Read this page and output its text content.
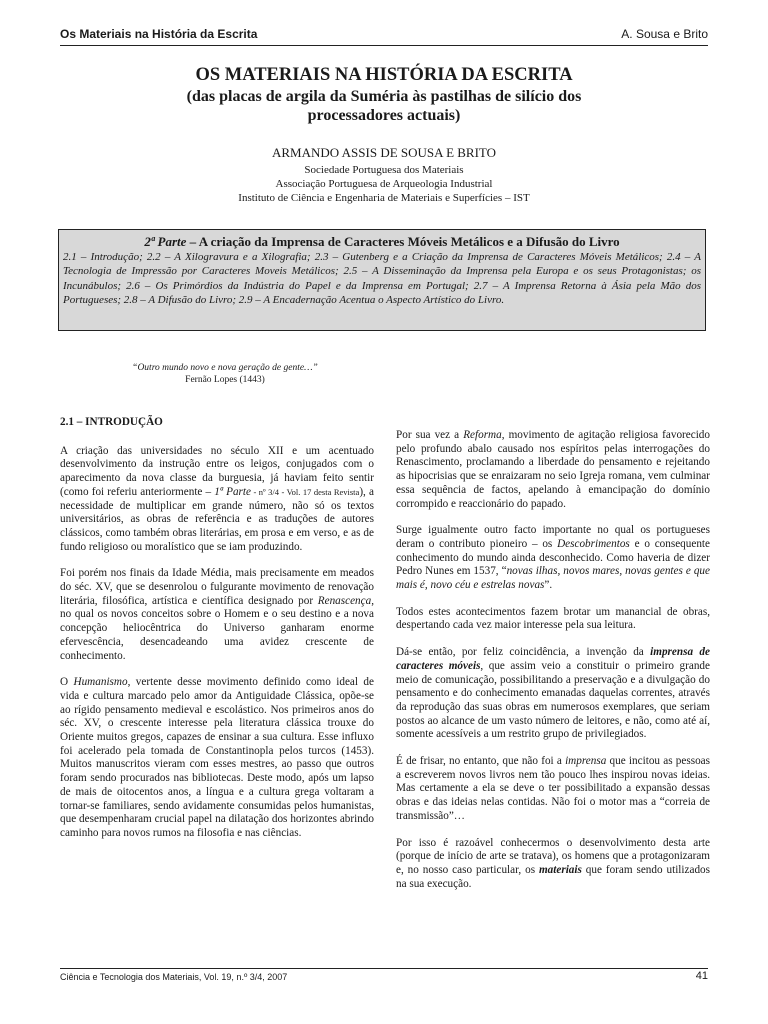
Os Materiais na História da Escrita	A. Sousa e Brito
OS MATERIAIS NA HISTÓRIA DA ESCRITA
(das placas de argila da Suméria às pastilhas de silício dos processadores actuais)
ARMANDO ASSIS DE SOUSA E BRITO
Sociedade Portuguesa dos Materiais
Associação Portuguesa de Arqueologia Industrial
Instituto de Ciência e Engenharia de Materiais e Superfícies – IST
2ª Parte – A criação da Imprensa de Caracteres Móveis Metálicos e a Difusão do Livro
2.1 – Introdução; 2.2 – A Xilogravura e a Xilografia; 2.3 – Gutenberg e a Criação da Imprensa de Caracteres Móveis Metálicos; 2.4 – A Tecnologia de Impressão por Caracteres Moveis Metálicos; 2.5 – A Disseminação da Imprensa pela Europa e os seus Protagonistas; os Incunábulos; 2.6 – Os Primórdios da Indústria do Papel e da Imprensa em Portugal; 2.7 – A Imprensa Retorna à Ásia pela Mão dos Portugueses; 2.8 – A Difusão do Livro; 2.9 – A Encadernação Acentua o Aspecto Artístico do Livro.
“Outro mundo novo e nova geração de gente…”
Fernão Lopes (1443)

2.1 – INTRODUÇÃO

A criação das universidades no século XII e um acentuado desenvolvimento da instrução entre os leigos, conjugados com o aparecimento da nova classe da burguesia, já haviam feito sentir (como foi referiu anteriormente – 1ª Parte - nº 3/4 - Vol. 17 desta Revista), a necessidade de multiplicar em grande número, não só os textos universitários, as obras de referência e as traduções de autores clássicos, como também obras literárias, em prosa e em verso, e as de fundo religioso ou moralístico que se iam produzindo.

Foi porém nos finais da Idade Média, mais precisamente em meados do séc. XV, que se desenrolou o fulgurante movimento de renovação literária, filosófica, artística e científica designado por Renascença, no qual os novos conceitos sobre o Homem e o seu destino e a nova concepção heliocêntrica do Universo ganharam enorme efervescência, desencadeando uma avidez crescente de conhecimento.

O Humanismo, vertente desse movimento definido como ideal de vida e cultura marcado pelo amor da Antiguidade Clássica, opõe-se ao rígido pensamento medieval e escolástico. Nos primeiros anos do séc. XV, o crescente interesse pela literatura clássica trouxe do Oriente muitos gregos, capazes de ensinar a sua cultura. Esse influxo foi acelerado pela tomada de Constantinopla pelos turcos (1453). Muitos manuscritos vieram com esses mestres, ao passo que outros foram sendo procurados nas bibliotecas. Deste modo, após um lapso de mais de oitocentos anos, a língua e a cultura grega voltaram a tornar-se familiares, sendo avidamente consumidas pelos humanistas, que desempenharam crucial papel na dilatação dos horizontes abrindo caminho para novos rumos na filosofia e nas ciências.

Por sua vez a Reforma, movimento de agitação religiosa favorecido pelo profundo abalo causado nos espíritos pelas interrogações do Renascimento, proclamando a liberdade do pensamento e rejeitando as hipocrisias que se enraizaram no seio Igreja romana, vem culminar essa sequência de factos, apelando à emancipação do domínio corrompido e reaccionário do papado.

Surge igualmente outro facto importante no qual os portugueses deram o contributo pioneiro – os Descobrimentos e o consequente conhecimento do mundo ainda desconhecido. Como haveria de dizer Pedro Nunes em 1537, “novas ilhas, novos mares, novas gentes e que mais é, novo céu e estrelas novas”.

Todos estes acontecimentos fazem brotar um manancial de obras, despertando cada vez maior interesse pela sua leitura.

Dá-se então, por feliz coincidência, a invenção da imprensa de caracteres móveis, que assim veio a constituir o primeiro grande meio de comunicação, possibilitando a preservação e a divulgação do pensamento e do conhecimento emanadas daquelas correntes, através da reprodução das suas obras em numerosos exemplares, que seriam postos ao alcance de um vasto número de leitores, e não, como até aí, somente acessíveis a um restrito grupo de privilegiados.

É de frisar, no entanto, que não foi a imprensa que incitou as pessoas a escreverem novos livros nem tão pouco lhes inspirou novas ideias. Mas certamente a ela se deve o ter possibilitado a expansão dessas obras e das ideias nelas contidas. Não foi o motor mas a “correia de transmissão”…

Por isso é razoável conhecermos o desenvolvimento desta arte (porque de início de arte se tratava), os homens que a protagonizaram e, no nosso caso particular, os materiais que foram sendo utilizados na sua execução.

Ciência e Tecnologia dos Materiais, Vol. 19, n.º 3/4, 2007	41
